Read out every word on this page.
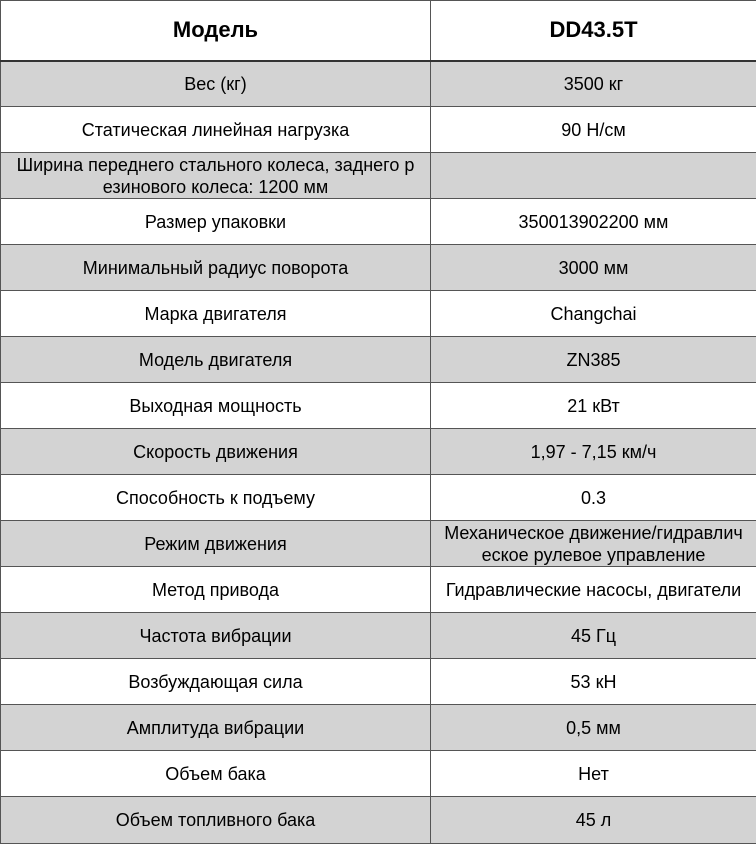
Модель	DD43.5T
Вес (кг)	3500 кг
Статическая линейная нагрузка	90 Н/см
Ширина переднего стального колеса, заднего р езинового колеса: 1200 мм	
Размер упаковки	350013902200 мм
Минимальный радиус поворота	3000 мм
Марка двигателя	Changchai
Модель двигателя	ZN385
Выходная мощность	21 кВт
Скорость движения	1,97 - 7,15 км/ч
Способность к подъему	0.3
Режим движения	Механическое движение/гидравлич еское рулевое управление
Метод привода	Гидравлические насосы, двигатели
Частота вибрации	45 Гц
Возбуждающая сила	53 кН
Амплитуда вибрации	0,5 мм
Объем бака	Нет
Объем топливного бака	45 л
